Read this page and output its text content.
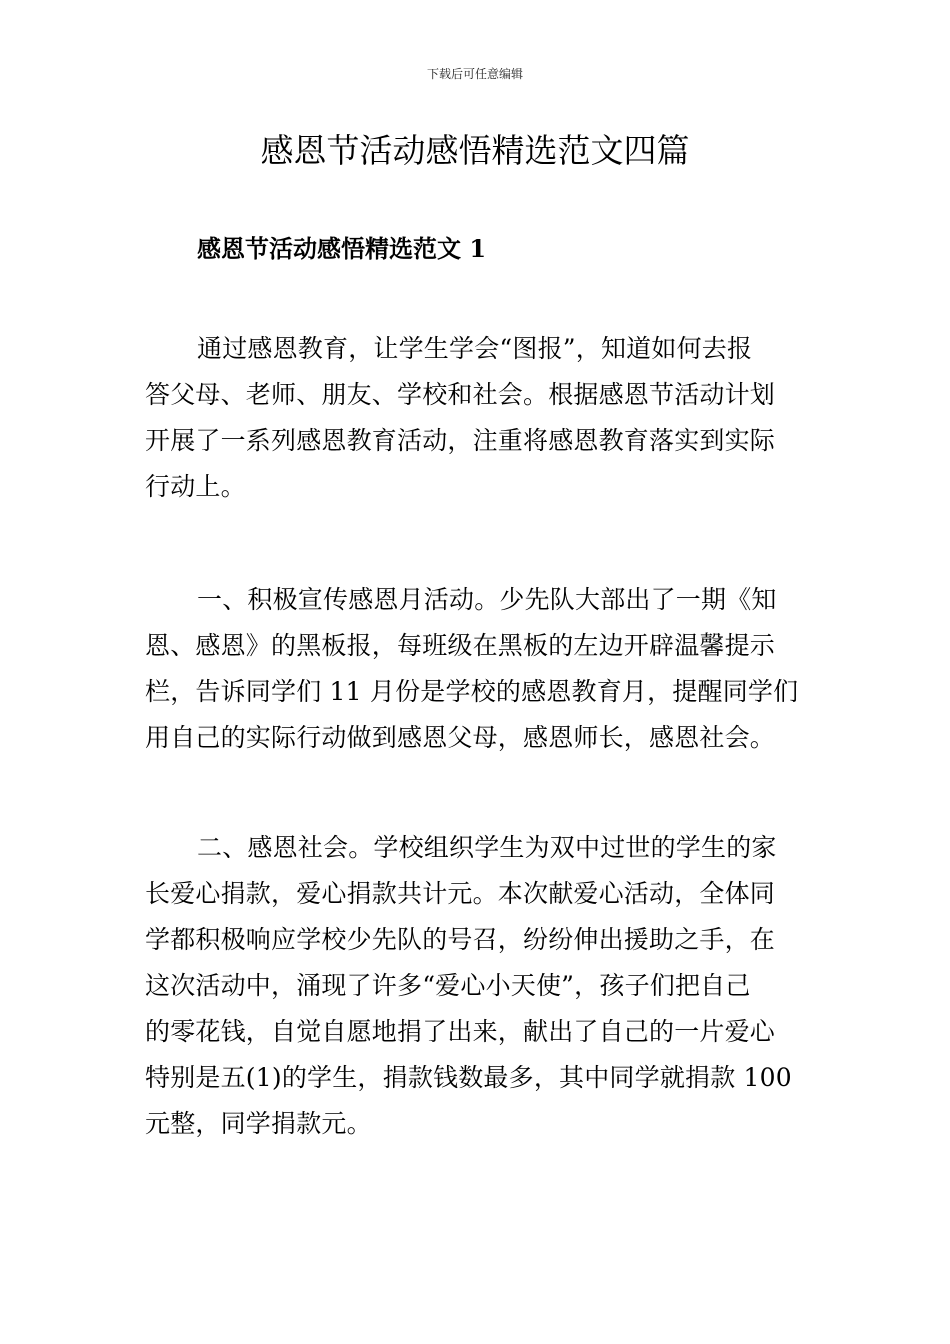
下载后可任意编辑
感恩节活动感悟精选范文四篇
感恩节活动感悟精选范文 1

通过感恩教育，让学生学会“图报”，知道如何去报
答父母、老师、朋友、学校和社会。根据感恩节活动计划
开展了一系列感恩教育活动，注重将感恩教育落实到实际
行动上。

一、积极宣传感恩月活动。少先队大部出了一期《知
恩、感恩》的黑板报，每班级在黑板的左边开辟温馨提示
栏，告诉同学们 11 月份是学校的感恩教育月，提醒同学们
用自己的实际行动做到感恩父母，感恩师长，感恩社会。

二、感恩社会。学校组织学生为双中过世的学生的家
长爱心捐款，爱心捐款共计元。本次献爱心活动，全体同
学都积极响应学校少先队的号召，纷纷伸出援助之手，在
这次活动中，涌现了许多“爱心小天使”，孩子们把自己
的零花钱，自觉自愿地捐了出来，献出了自己的一片爱心
特别是五(1)的学生，捐款钱数最多，其中同学就捐款 100
元整，同学捐款元。
